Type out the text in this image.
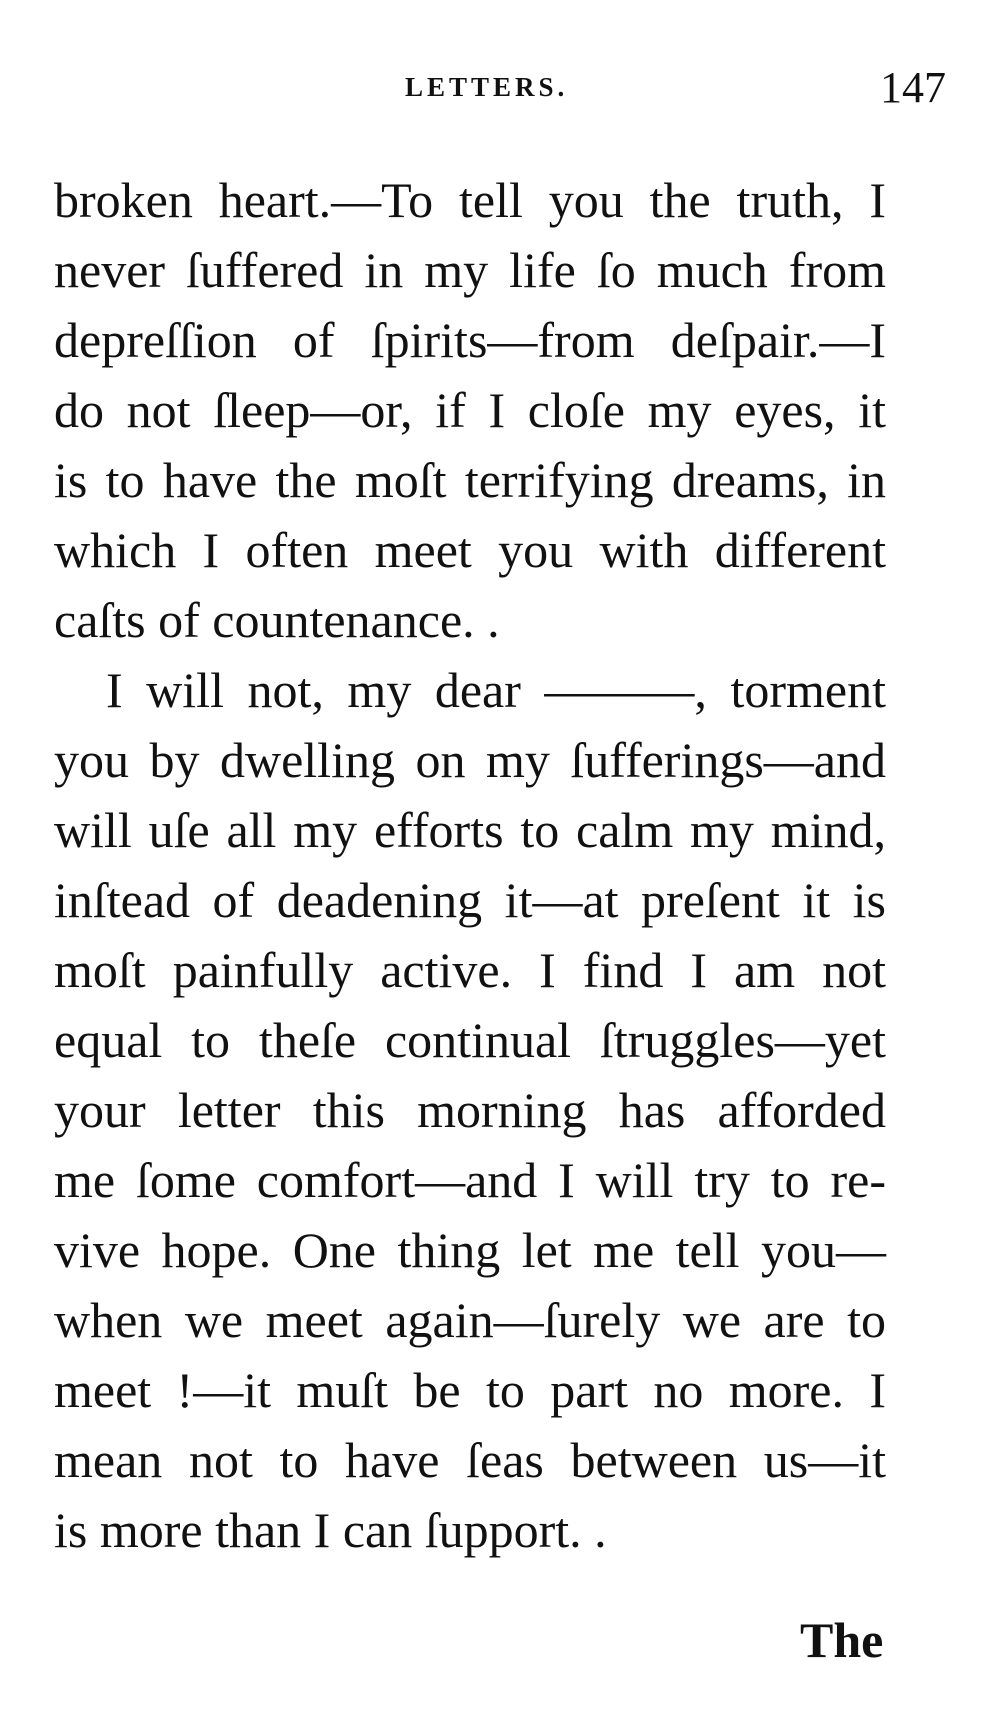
LETTERS.	147
broken heart.—To tell you the truth, I
never ſuffered in my life ſo much from
depreſſion of ſpirits—from deſpair.—I
do not ſleep—or, if I cloſe my eyes, it
is to have the moſt terrifying dreams, in
which I often meet you with different
caſts of countenance. .
I will not, my dear ———, torment
you by dwelling on my ſufferings—and
will uſe all my efforts to calm my mind,
inſtead of deadening it—at preſent it is
moſt painfully active. I find I am not
equal to theſe continual ſtruggles—yet
your letter this morning has afforded
me ſome comfort—and I will try to re-
vive hope. One thing let me tell you—
when we meet again—ſurely we are to
meet !—it muſt be to part no more. I
mean not to have ſeas between us—it
is more than I can ſupport. .
The
